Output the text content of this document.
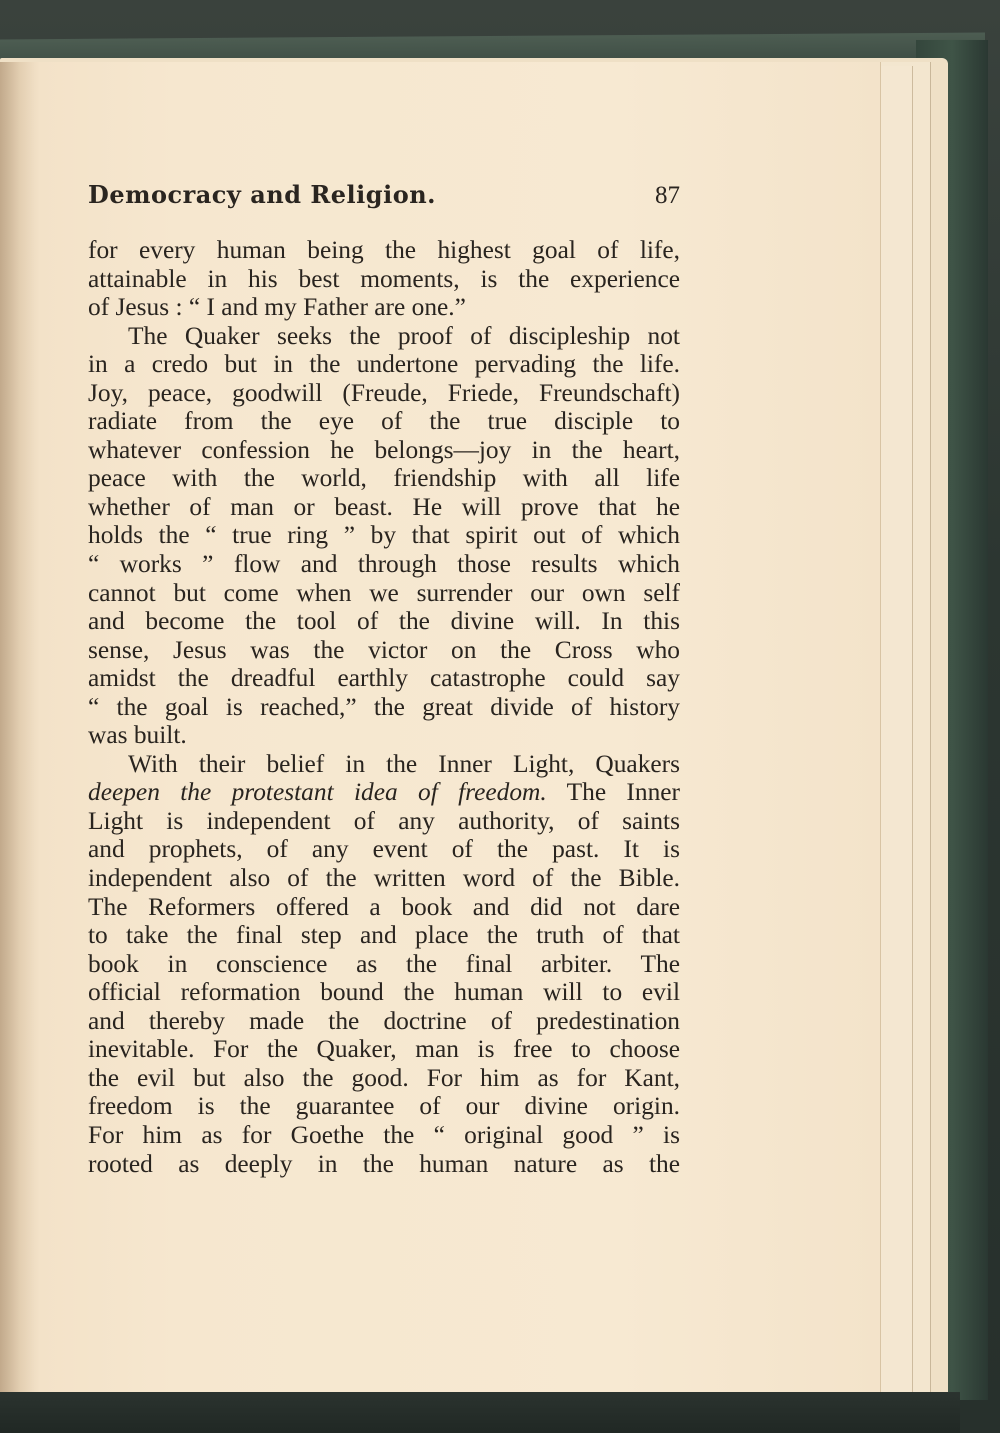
Democracy and Religion.	87
for every human being the highest goal of life,
attainable in his best moments, is the experience
of Jesus : “ I and my Father are one.”
The Quaker seeks the proof of discipleship not
in a credo but in the undertone pervading the life.
Joy, peace, goodwill (Freude, Friede, Freundschaft)
radiate from the eye of the true disciple to
whatever confession he belongs—joy in the heart,
peace with the world, friendship with all life
whether of man or beast. He will prove that he
holds the “ true ring ” by that spirit out of which
“ works ” flow and through those results which
cannot but come when we surrender our own self
and become the tool of the divine will. In this
sense, Jesus was the victor on the Cross who
amidst the dreadful earthly catastrophe could say
“ the goal is reached,” the great divide of history
was built.
With their belief in the Inner Light, Quakers
deepen the protestant idea of freedom. The Inner
Light is independent of any authority, of saints
and prophets, of any event of the past. It is
independent also of the written word of the Bible.
The Reformers offered a book and did not dare
to take the final step and place the truth of that
book in conscience as the final arbiter. The
official reformation bound the human will to evil
and thereby made the doctrine of predestination
inevitable. For the Quaker, man is free to choose
the evil but also the good. For him as for Kant,
freedom is the guarantee of our divine origin.
For him as for Goethe the “ original good ” is
rooted as deeply in the human nature as the
